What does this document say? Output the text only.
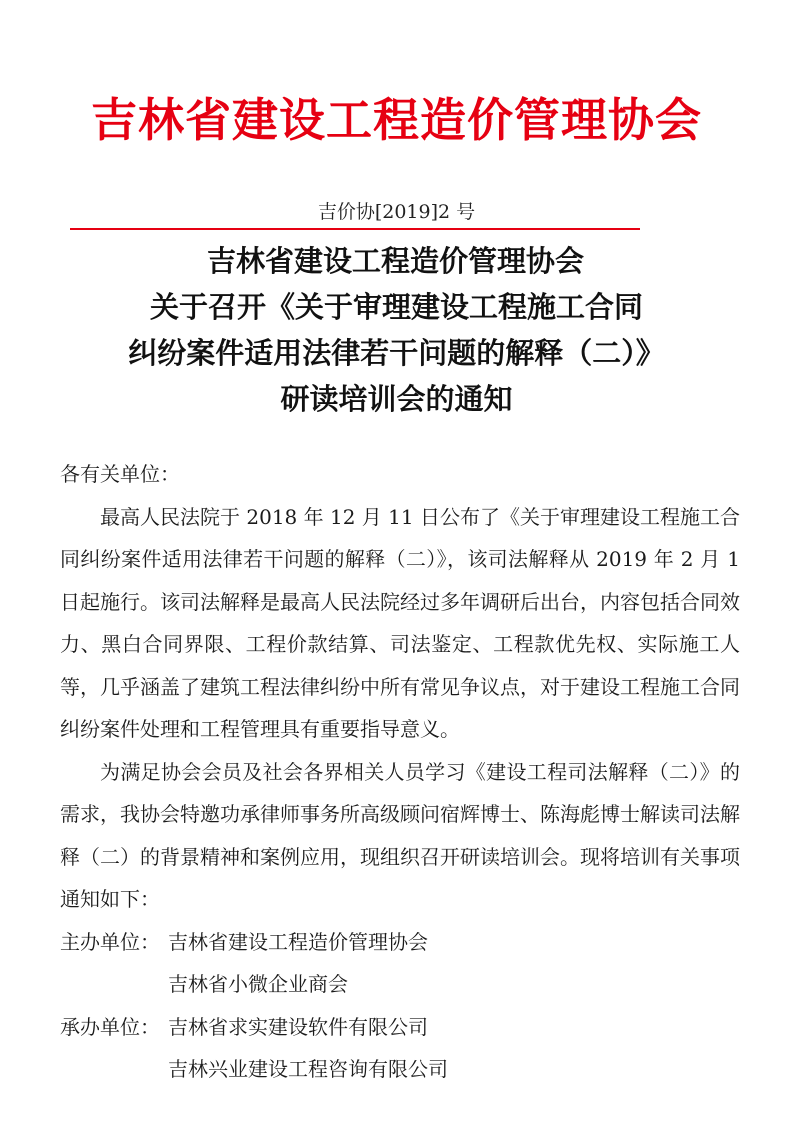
吉林省建设工程造价管理协会
吉价协[2019]2 号
吉林省建设工程造价管理协会
关于召开《关于审理建设工程施工合同
纠纷案件适用法律若干问题的解释（二）》
研读培训会的通知
各有关单位：

最高人民法院于 2018 年 12 月 11 日公布了《关于审理建设工程施工合同纠纷案件适用法律若干问题的解释（二）》，该司法解释从 2019 年 2 月 1 日起施行。该司法解释是最高人民法院经过多年调研后出台，内容包括合同效力、黑白合同界限、工程价款结算、司法鉴定、工程款优先权、实际施工人等，几乎涵盖了建筑工程法律纠纷中所有常见争议点，对于建设工程施工合同纠纷案件处理和工程管理具有重要指导意义。

为满足协会会员及社会各界相关人员学习《建设工程司法解释（二）》的需求，我协会特邀功承律师事务所高级顾问宿辉博士、陈海彪博士解读司法解释（二）的背景精神和案例应用，现组织召开研读培训会。现将培训有关事项通知如下：

主办单位： 吉林省建设工程造价管理协会
吉林省小微企业商会
承办单位： 吉林省求实建设软件有限公司
吉林兴业建设工程咨询有限公司
